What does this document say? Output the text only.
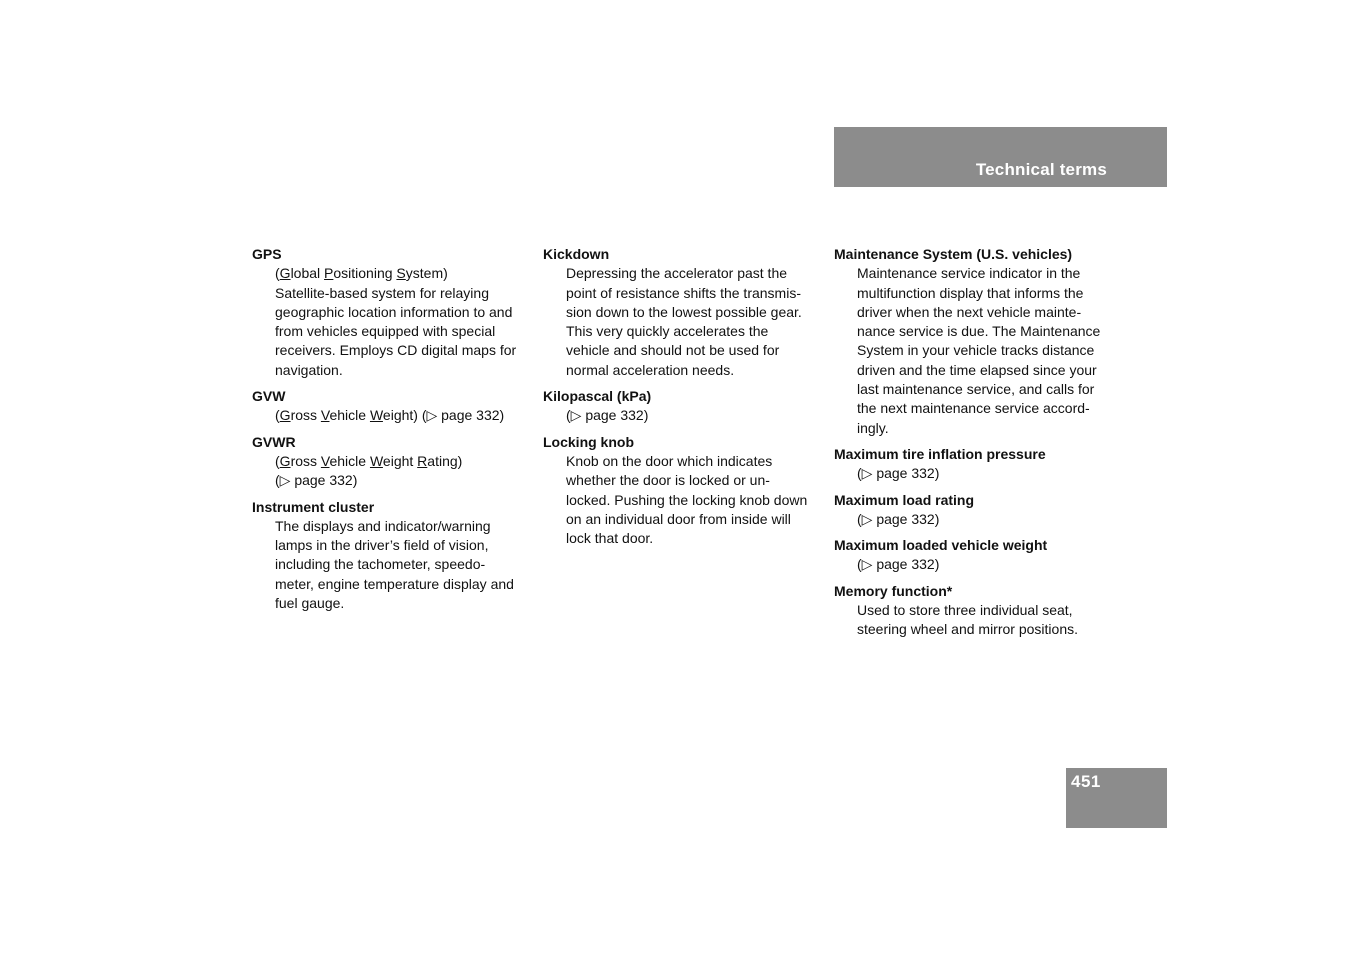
Technical terms
GPS
(Global Positioning System)
Satellite-based system for relaying
geographic location information to and
from vehicles equipped with special
receivers. Employs CD digital maps for
navigation.
GVW
(Gross Vehicle Weight) (▷ page 332)
GVWR
(Gross Vehicle Weight Rating)
(▷ page 332)
Instrument cluster
The displays and indicator/warning
lamps in the driver’s field of vision,
including the tachometer, speedo-
meter, engine temperature display and
fuel gauge.
Kickdown
Depressing the accelerator past the
point of resistance shifts the transmis-
sion down to the lowest possible gear.
This very quickly accelerates the
vehicle and should not be used for
normal acceleration needs.
Kilopascal (kPa)
(▷ page 332)
Locking knob
Knob on the door which indicates
whether the door is locked or un-
locked. Pushing the locking knob down
on an individual door from inside will
lock that door.
Maintenance System (U.S. vehicles)
Maintenance service indicator in the
multifunction display that informs the
driver when the next vehicle mainte-
nance service is due. The Maintenance
System in your vehicle tracks distance
driven and the time elapsed since your
last maintenance service, and calls for
the next maintenance service accord-
ingly.
Maximum tire inflation pressure
(▷ page 332)
Maximum load rating
(▷ page 332)
Maximum loaded vehicle weight
(▷ page 332)
Memory function*
Used to store three individual seat,
steering wheel and mirror positions.
451
